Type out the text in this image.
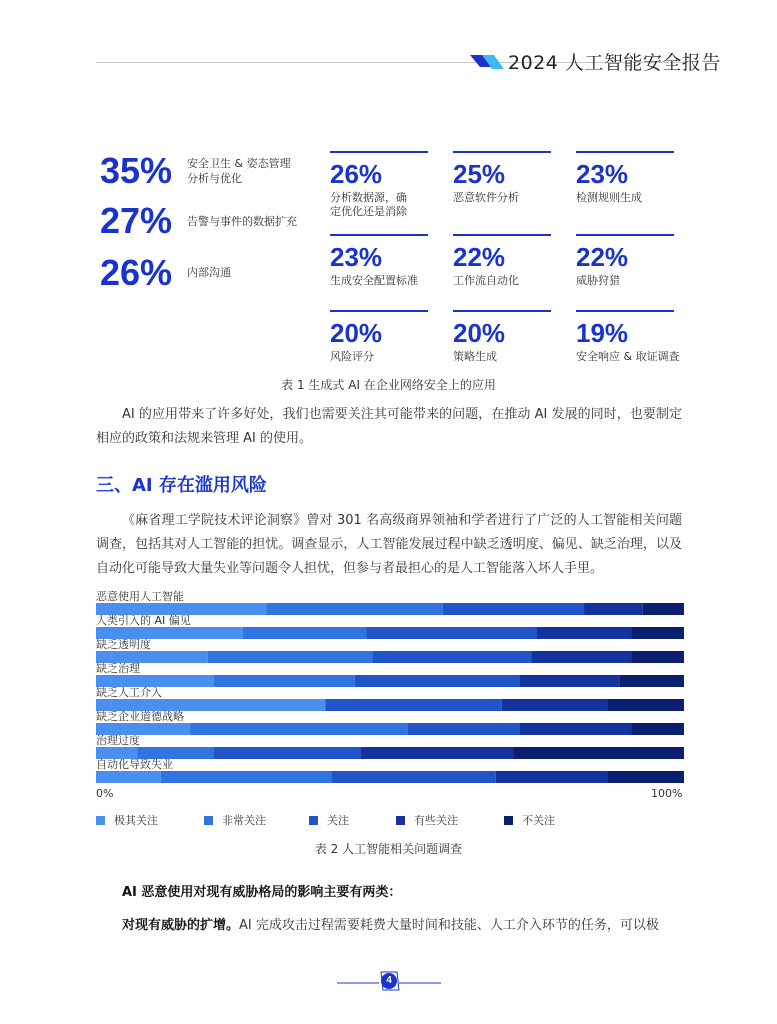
2024 人工智能安全报告
35% 安全卫生 & 姿态管理
分析与优化
27% 告警与事件的数据扩充
26% 内部沟通
26%
分析数据源，确
定优化还是消除
25%
恶意软件分析
23%
检测规则生成
23%
生成安全配置标准
22%
工作流自动化
22%
威胁狩猎
20%
风险评分
20%
策略生成
19%
安全响应 & 取证调查
表 1 生成式 AI 在企业网络安全上的应用
AI 的应用带来了许多好处，我们也需要关注其可能带来的问题，在推动 AI 发展的同时，也要制定相应的政策和法规来管理 AI 的使用。
三、AI 存在滥用风险
《麻省理工学院技术评论洞察》曾对 301 名高级商界领袖和学者进行了广泛的人工智能相关问题调查，包括其对人工智能的担忧。调查显示，人工智能发展过程中缺乏透明度、偏见、缺乏治理，以及自动化可能导致大量失业等问题令人担忧，但参与者最担心的是人工智能落入坏人手里。
恶意使用人工智能
人类引入的 AI 偏见
缺乏透明度
缺乏治理
缺乏人工介入
缺乏企业道德战略
治理过度
自动化导致失业
0%	100%
极其关注	非常关注	关注	有些关注	不关注
表 2 人工智能相关问题调查
AI 恶意使用对现有威胁格局的影响主要有两类：
对现有威胁的扩增。AI 完成攻击过程需要耗费大量时间和技能、人工介入环节的任务，可以极
4
